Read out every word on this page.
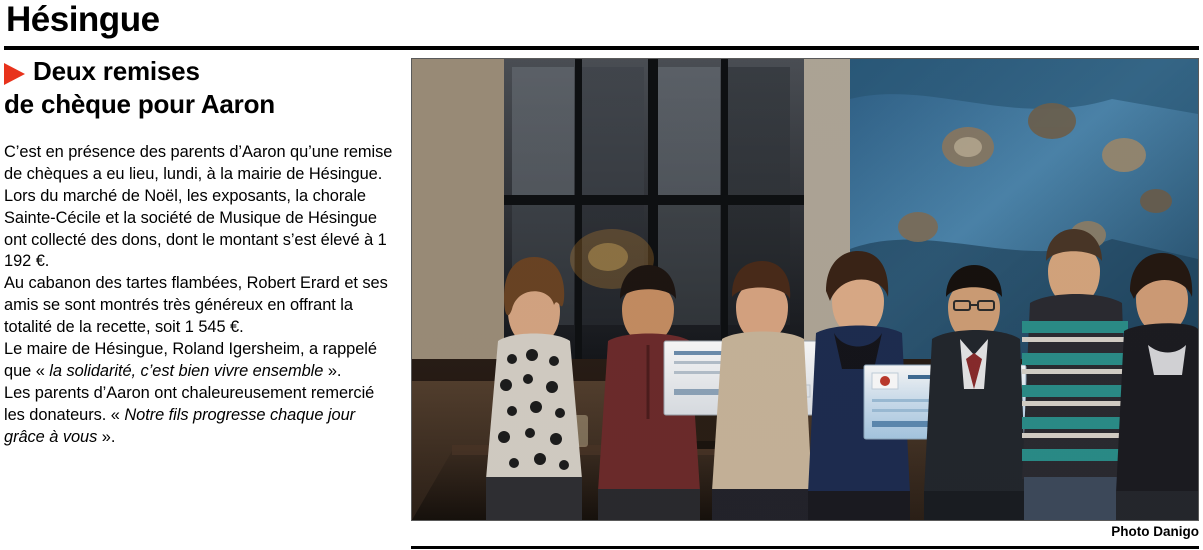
Hésingue
Deux remises
de chèque pour Aaron

C’est en présence des parents d’Aaron qu’une remise de chèques a eu lieu, lundi, à la mairie de Hésingue.

Lors du marché de Noël, les exposants, la chorale Sainte-Cécile et la société de Musique de Hésingue ont collecté des dons, dont le montant s’est élevé à 1 192 €.

Au cabanon des tartes flambées, Robert Erard et ses amis se sont montrés très généreux en offrant la totalité de la recette, soit 1 545 €.

Le maire de Hésingue, Roland Igersheim, a rappelé que « la solidarité, c’est bien vivre ensemble ».

Les parents d’Aaron ont chaleureusement remercié les donateurs. « Notre fils progresse chaque jour grâce à vous ».

Photo Danigo
